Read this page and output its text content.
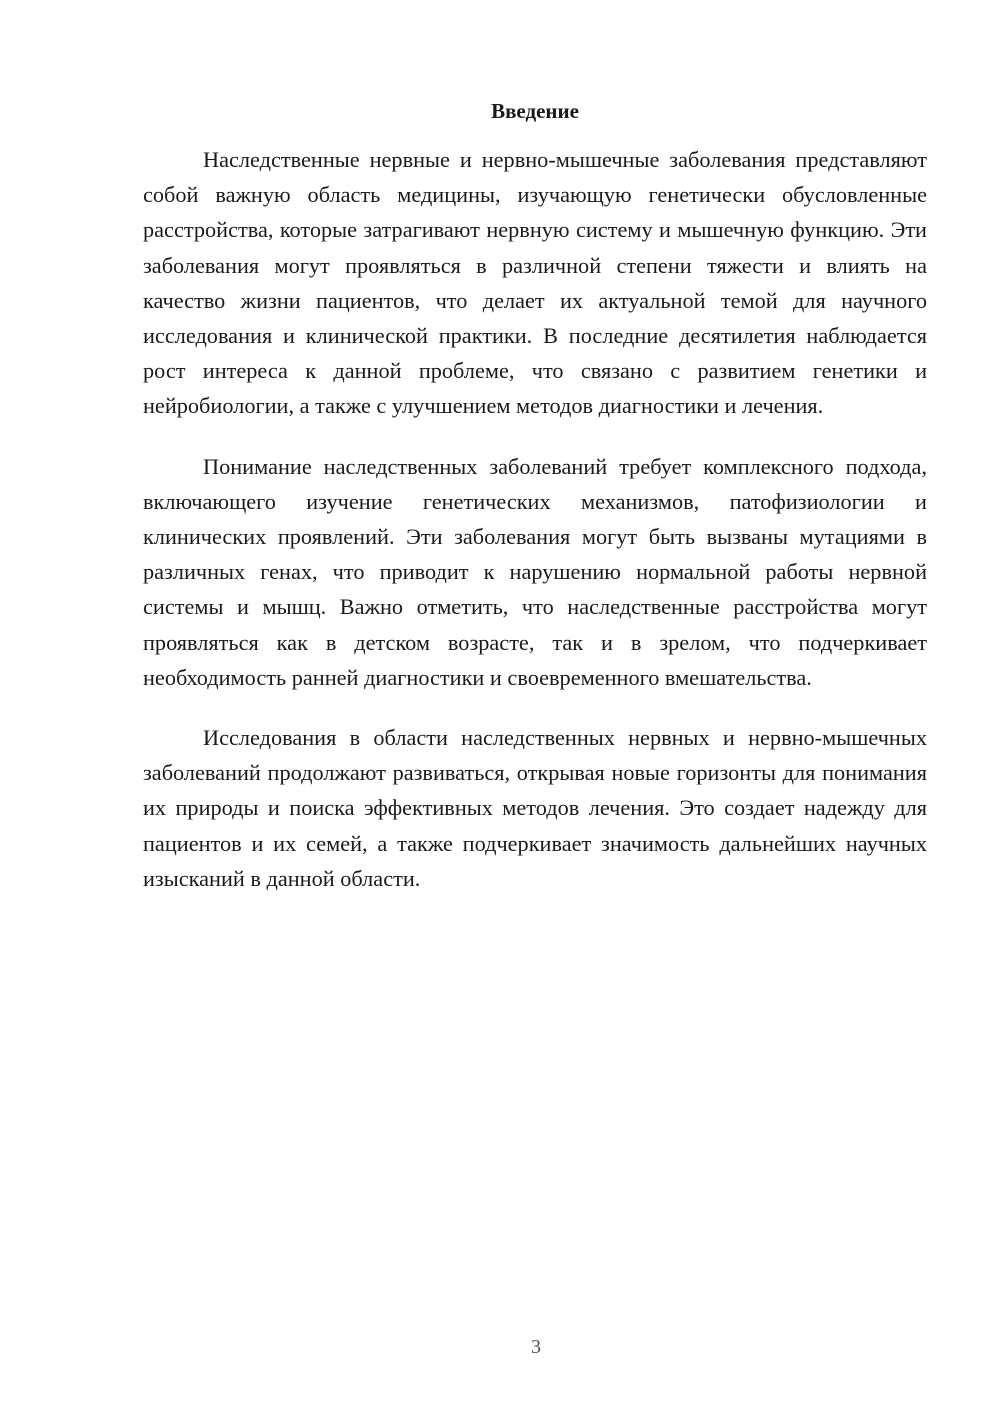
Введение

Наследственные нервные и нервно-мышечные заболевания представляют собой важную область медицины, изучающую генетически обусловленные расстройства, которые затрагивают нервную систему и мышечную функцию. Эти заболевания могут проявляться в различной степени тяжести и влиять на качество жизни пациентов, что делает их актуальной темой для научного исследования и клинической практики. В последние десятилетия наблюдается рост интереса к данной проблеме, что связано с развитием генетики и нейробиологии, а также с улучшением методов диагностики и лечения.

Понимание наследственных заболеваний требует комплексного подхода, включающего изучение генетических механизмов, патофизиологии и клинических проявлений. Эти заболевания могут быть вызваны мутациями в различных генах, что приводит к нарушению нормальной работы нервной системы и мышц. Важно отметить, что наследственные расстройства могут проявляться как в детском возрасте, так и в зрелом, что подчеркивает необходимость ранней диагностики и своевременного вмешательства.

Исследования в области наследственных нервных и нервно-мышечных заболеваний продолжают развиваться, открывая новые горизонты для понимания их природы и поиска эффективных методов лечения. Это создает надежду для пациентов и их семей, а также подчеркивает значимость дальнейших научных изысканий в данной области.

3
